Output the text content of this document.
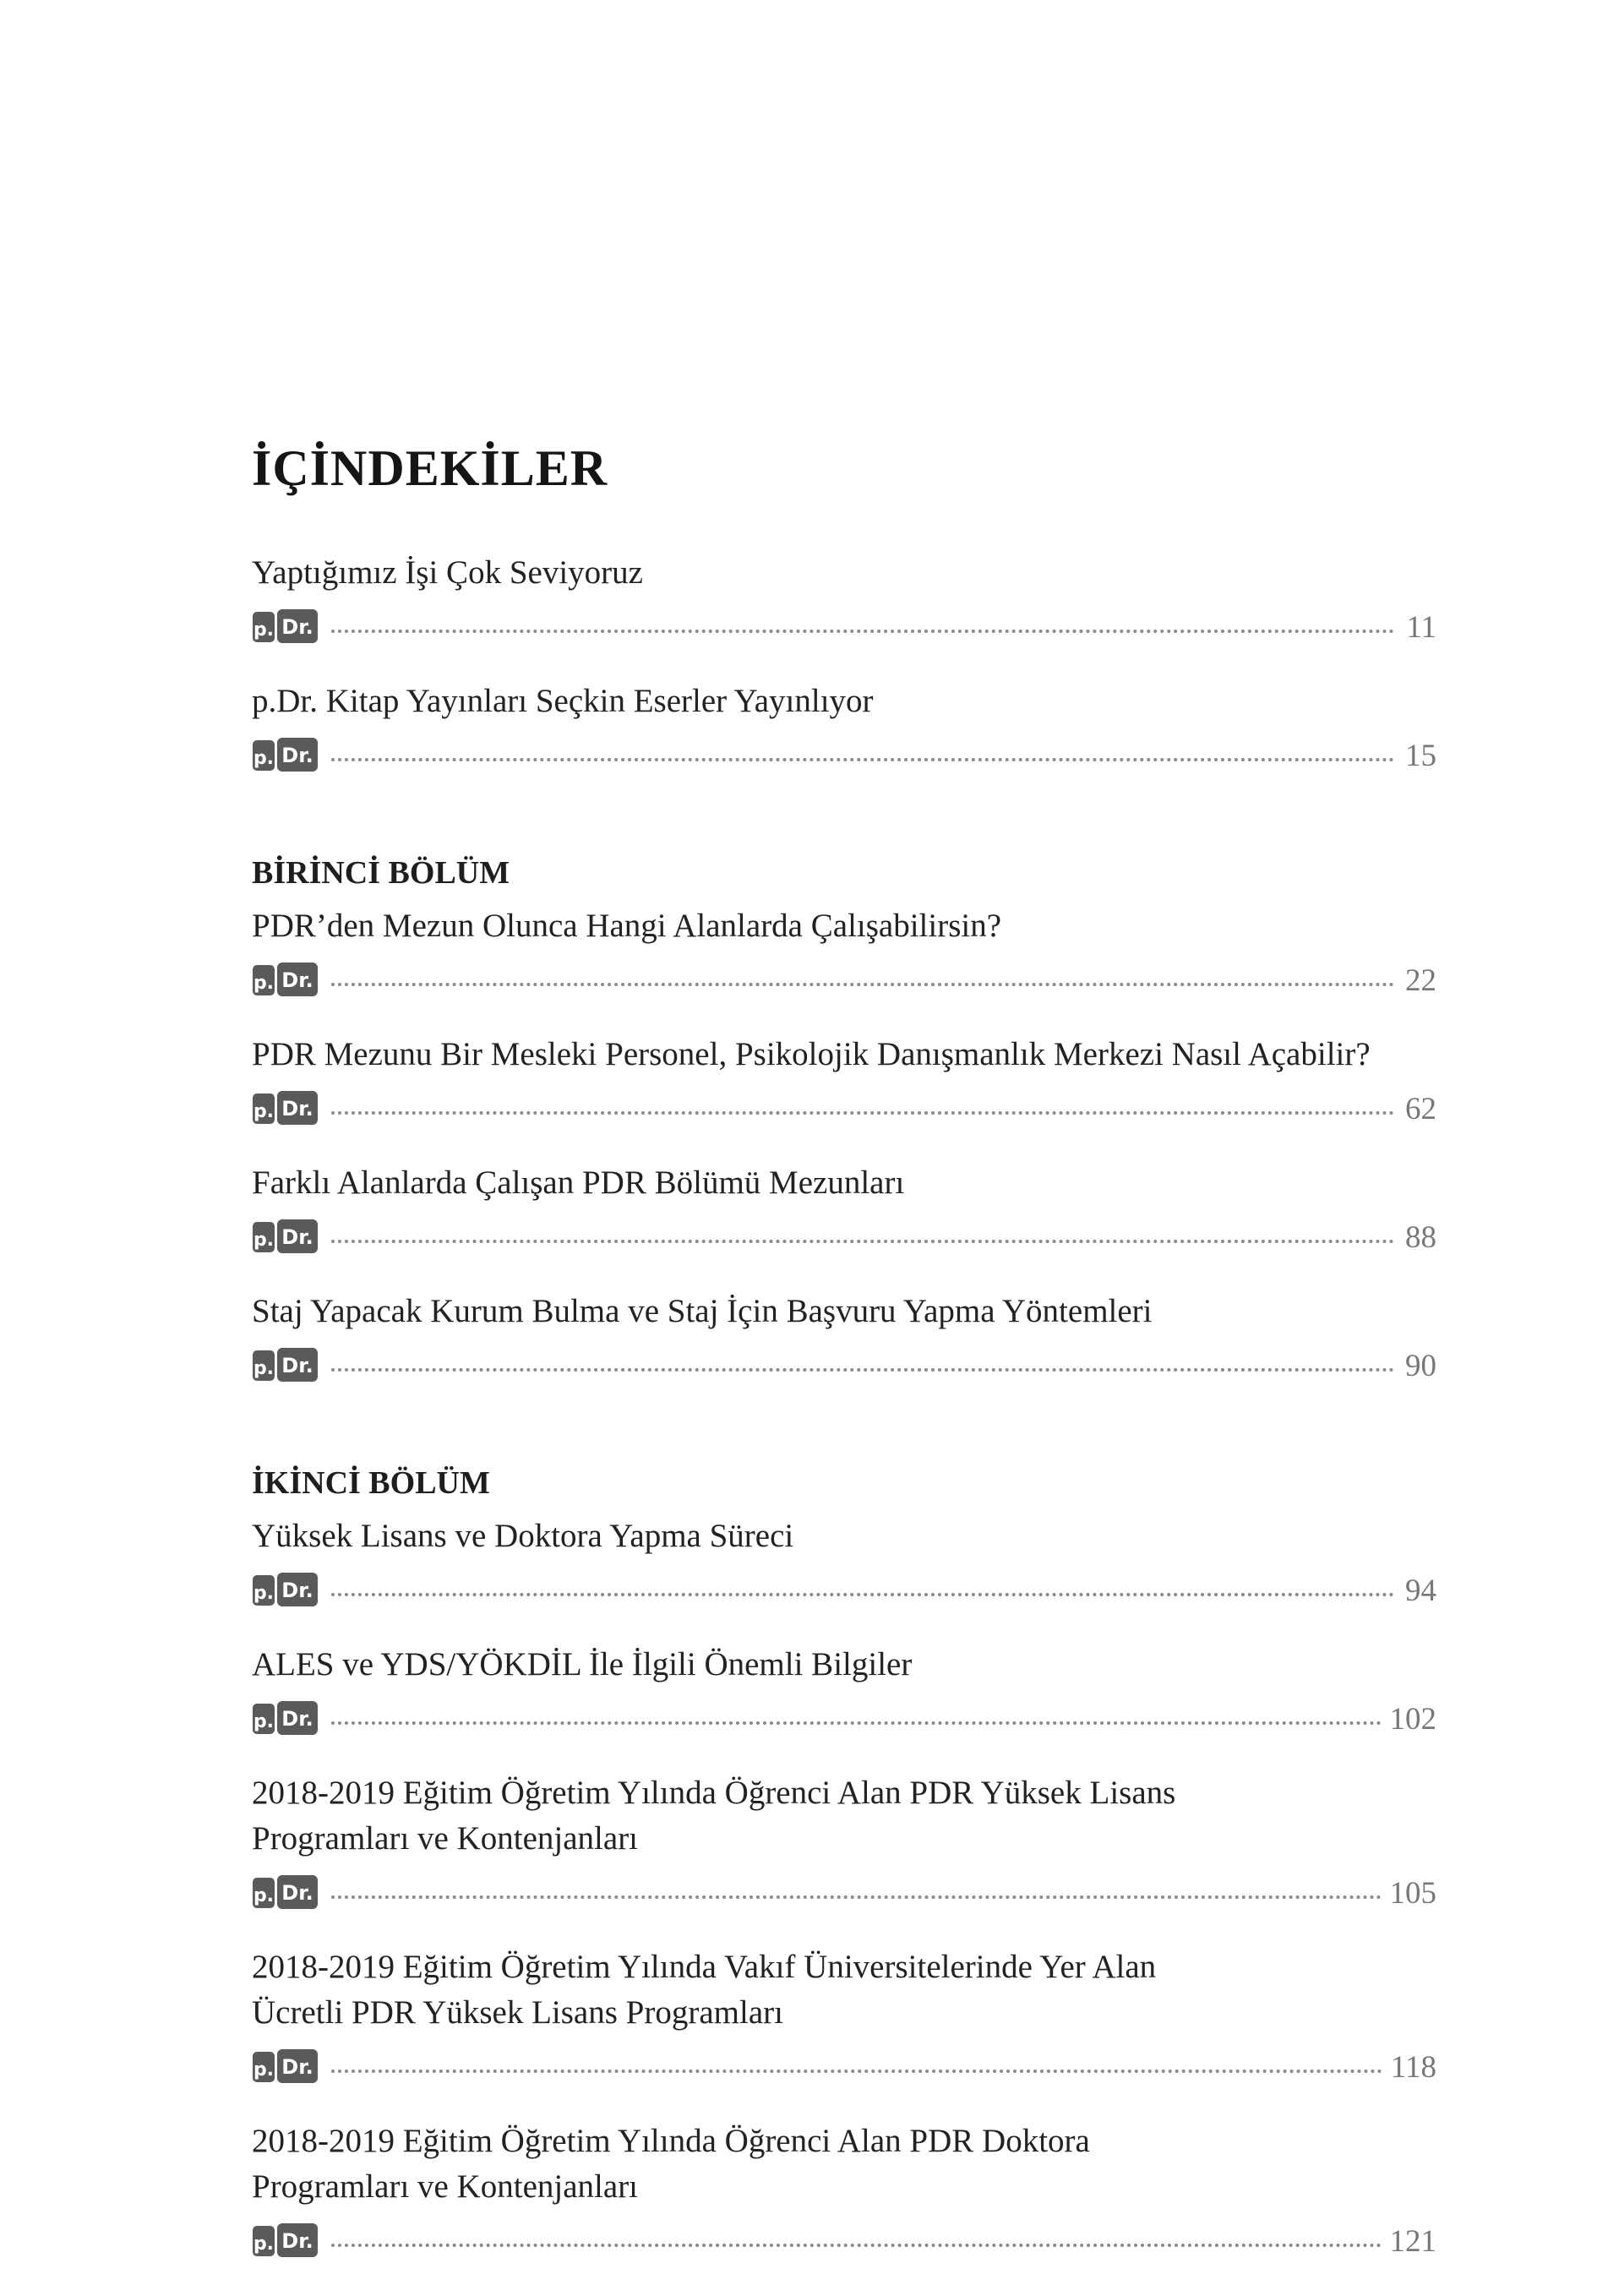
İÇİNDEKİLER
Yaptığımız İşi Çok Seviyoruz
p. Dr.	11
p.Dr. Kitap Yayınları Seçkin Eserler Yayınlıyor
p. Dr.	15
BİRİNCİ BÖLÜM
PDR’den Mezun Olunca Hangi Alanlarda Çalışabilirsin?
p. Dr.	22
PDR Mezunu Bir Mesleki Personel, Psikolojik Danışmanlık Merkezi Nasıl Açabilir?
p. Dr.	62
Farklı Alanlarda Çalışan PDR Bölümü Mezunları
p. Dr.	88
Staj Yapacak Kurum Bulma ve Staj İçin Başvuru Yapma Yöntemleri
p. Dr.	90
İKİNCİ BÖLÜM
Yüksek Lisans ve Doktora Yapma Süreci
p. Dr.	94
ALES ve YDS/YÖKDİL İle İlgili Önemli Bilgiler
p. Dr.	102
2018-2019 Eğitim Öğretim Yılında Öğrenci Alan PDR Yüksek Lisans
Programları ve Kontenjanları
p. Dr.	105
2018-2019 Eğitim Öğretim Yılında Vakıf Üniversitelerinde Yer Alan
Ücretli PDR Yüksek Lisans Programları
p. Dr.	118
2018-2019 Eğitim Öğretim Yılında Öğrenci Alan PDR Doktora
Programları ve Kontenjanları
p. Dr.	121
